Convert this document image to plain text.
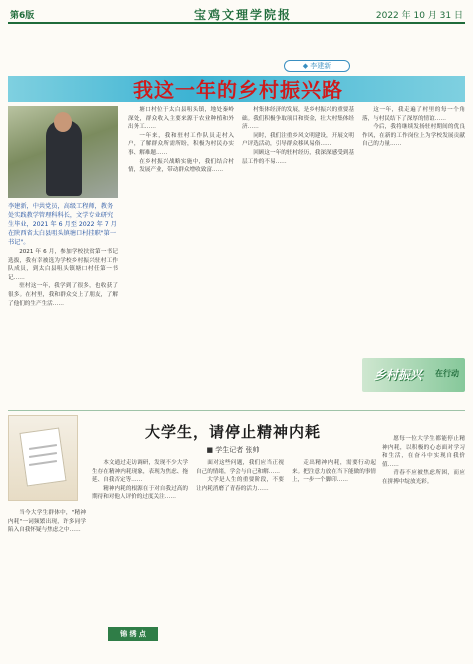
第6版	宝鸡文理学院报	2022 年 10 月 31 日
◆ 李建新
我这一年的乡村振兴路
李建新，中共党员，高级工程师，教务处实践教学管理科科长，文学专业研究生毕业，2021 年 6 月至 2022 年 7 月在陕西省太白县咀头镇塘口村挂职"第一书记"。

2021 年 6 月，参加学校扶贫第一书记选拔，我有幸被选为学校乡村振兴驻村工作队成员，到太白县咀头镇塘口村任第一书记……

驻村这一年，我学到了很多，也收获了很多。在村里，我和群众交上了朋友，了解了他们的生产生活……

塘口村位于太白县咀头镇，地处秦岭深处，群众收入主要来源于农业种植和外出务工……

一年来，我和驻村工作队员走村入户，了解群众所需所盼，积极为村民办实事、解难题……

在乡村振兴战略实施中，我们结合村情，发展产业，带动群众增收致富……

村集体经济的发展，是乡村振兴的重要基础。我们积极争取项目和资金，壮大村集体经济……

同时，我们注重乡风文明建设，开展文明户评选活动，引导群众移风易俗……

回顾这一年的驻村经历，我深深感受到基层工作的不易……

这一年，我走遍了村里的每一个角落，与村民结下了深厚的情谊……

今后，我将继续发扬驻村期间的优良作风，在新的工作岗位上为学校发展贡献自己的力量……

乡村振兴 在行动
大学生，请停止精神内耗
■ 学生记者 张帅

当今大学生群体中，"精神内耗"一词频繁出现，许多同学陷入自我怀疑与焦虑之中……

本文通过走访调研，发现不少大学生存在精神内耗现象，表现为焦虑、拖延、自我否定等……

精神内耗的根源在于对自我过高的期待和对他人评价的过度关注……

面对这些问题，我们应当正视自己的情绪，学会与自己和解……

大学是人生的重要阶段，不要让内耗消磨了青春的活力……

走出精神内耗，需要行动起来。把注意力放在当下能做的事情上，一步一个脚印……

愿每一位大学生都能停止精神内耗，以积极的心态面对学习和生活，在奋斗中实现自我价值……

青春不应被焦虑所困，而应在拼搏中绽放光彩。

锦 绣 点
